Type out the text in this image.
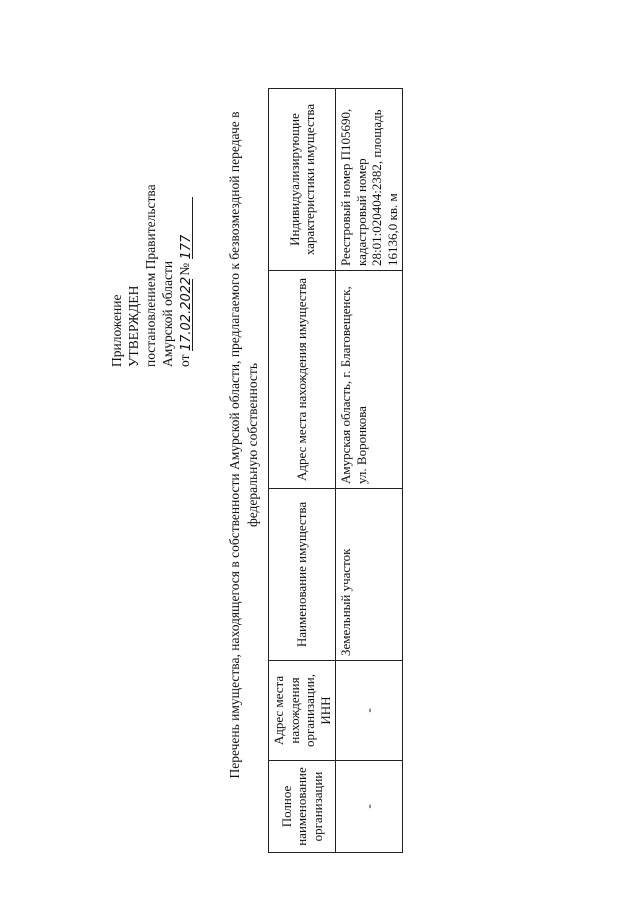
Приложение УТВЕРЖДЕН постановлением Правительства Амурской области от 17.02.2022 № 177 Перечень имущества, находящегося в собственности Амурской области, предлагаемого к безвозмездной передаче в федеральную собственность
Полное наименование организации	Адрес места нахождения организации, ИНН	Наименование имущества	Адрес места нахождения имущества	Индивидуализирующие характеристики имущества
-	-	Земельный участок	Амурская область, г. Благовещенск, ул. Воронкова	Реестровый номер П105690, кадастровый номер 28:01:020404:2382, площадь 16136,0 кв. м
